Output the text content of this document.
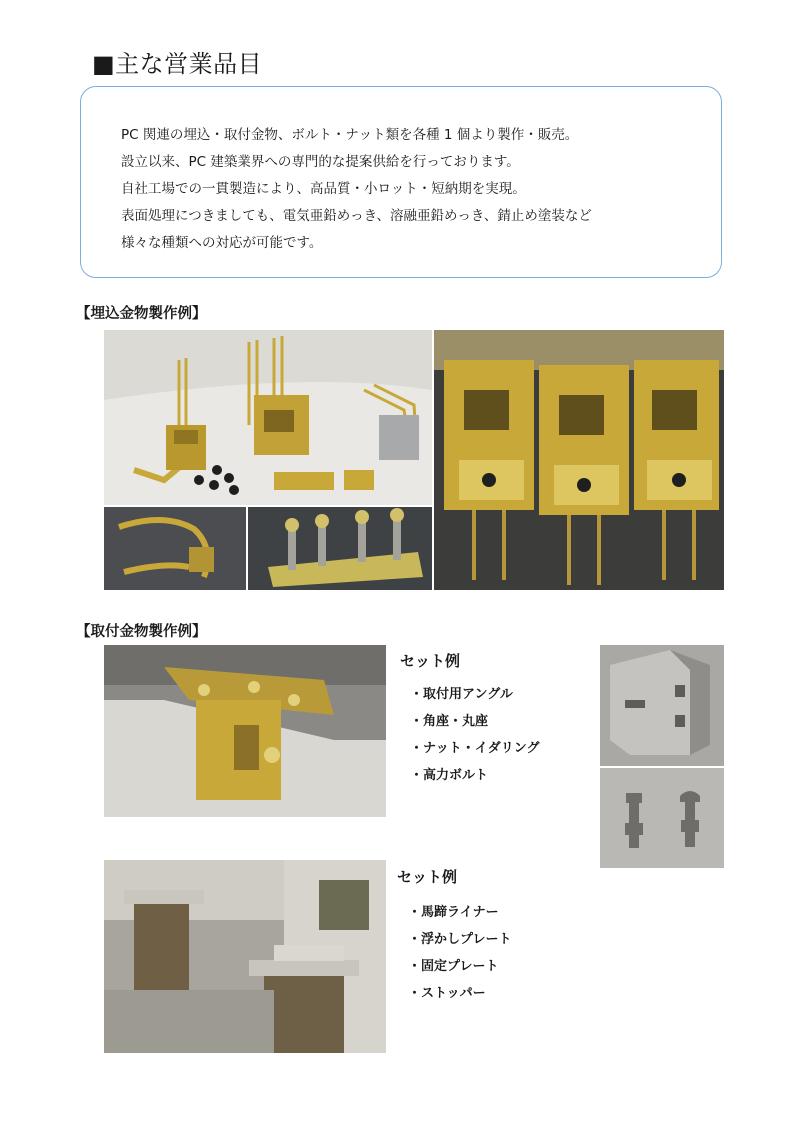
■主な営業品目
PC 関連の埋込・取付金物、ボルト・ナット類を各種 1 個より製作・販売。
設立以来、PC 建築業界への専門的な提案供給を行っております。
自社工場での一貫製造により、高品質・小ロット・短納期を実現。
表面処理につきましても、電気亜鉛めっき、溶融亜鉛めっき、錆止め塗装など
様々な種類への対応が可能です。
【埋込金物製作例】
【取付金物製作例】
セット例
・取付用アングル
・角座・丸座
・ナット・イダリング
・高力ボルト
セット例
・馬蹄ライナー
・浮かしプレート
・固定プレート
・ストッパー
